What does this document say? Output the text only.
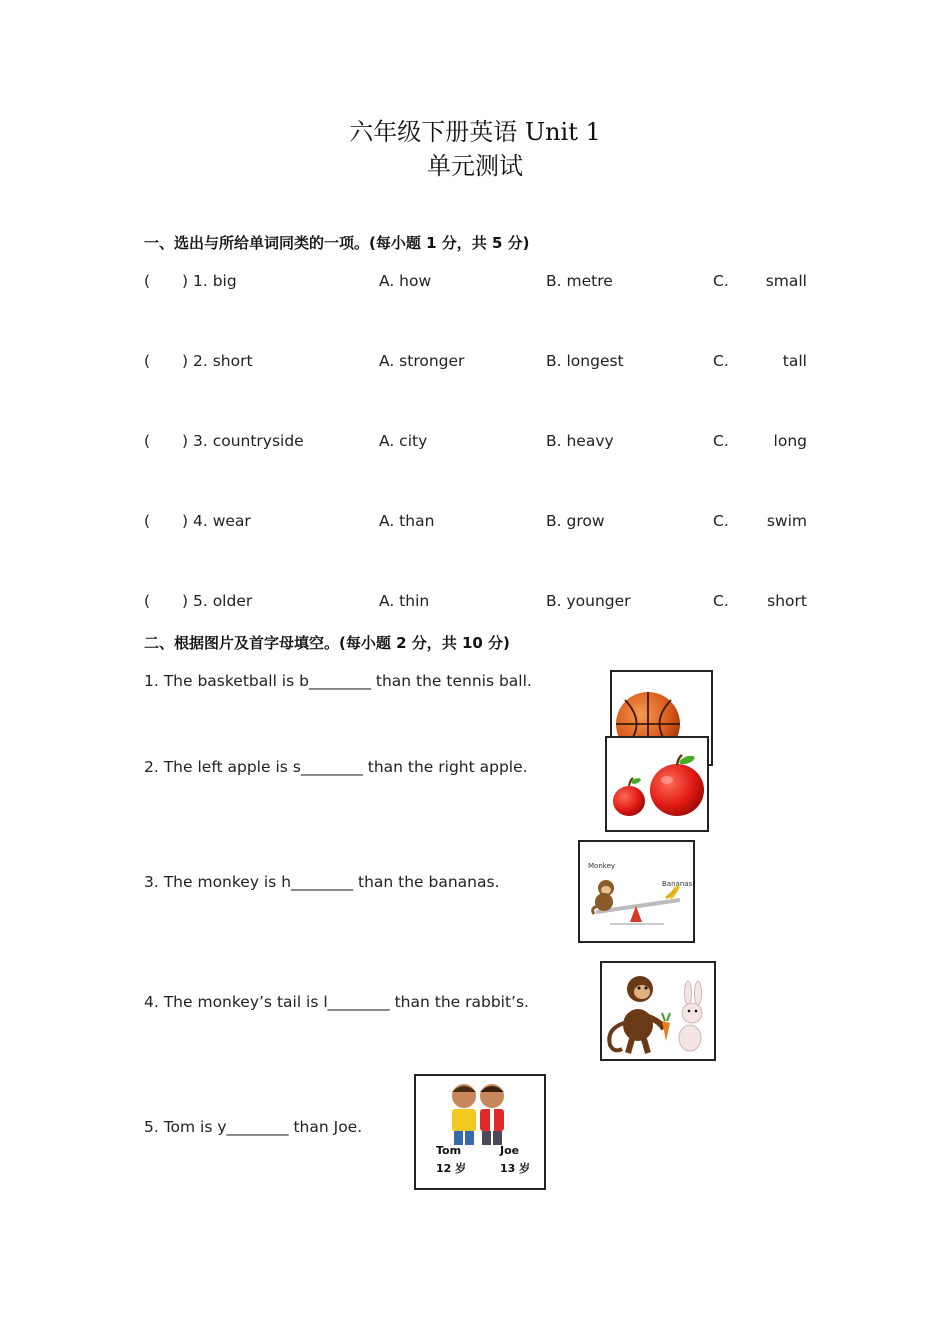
六年级下册英语 Unit 1
单元测试
一、选出与所给单词同类的一项。(每小题 1 分，共 5 分)
( ) 1. big	A. how	B. metre	C. small
( ) 2. short	A. stronger	B. longest	C.	tall
( ) 3. countryside	A. city	B. heavy	C.	long
( ) 4. wear	A. than	B. grow	C. swim
( ) 5. older	A. thin	B. younger	C. short
二、根据图片及首字母填空。(每小题 2 分，共 10 分)
1. The basketball is b________ than the tennis ball.
2. The left apple is s________ than the right apple.
3. The monkey is h________ than the bananas.
4. The monkey’s tail is l________ than the rabbit’s.
5. Tom is y________ than Joe.
Monkey
Bananas
Tom	Joe
12 岁	13 岁
